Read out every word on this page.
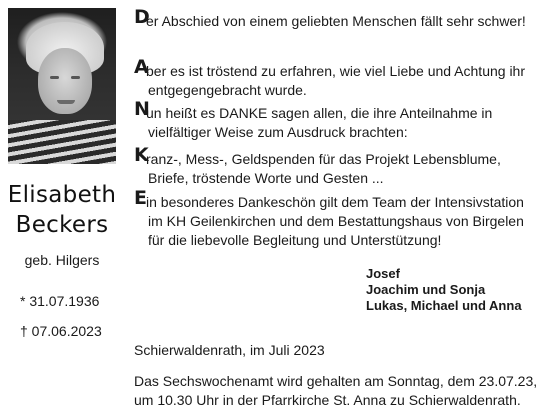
Elisabeth
Beckers
geb. Hilgers
* 31.07.1936
† 07.06.2023
D
er Abschied von einem geliebten Menschen fällt sehr schwer!
A
ber es ist tröstend zu erfahren, wie viel Liebe und Achtung ihr
entgegengebracht wurde.
N
un heißt es DANKE sagen allen, die ihre Anteilnahme in
vielfältiger Weise zum Ausdruck brachten:
K
ranz-, Mess-, Geldspenden für das Projekt Lebensblume,
Briefe, tröstende Worte und Gesten ...
E in besonderes Dankeschön gilt dem Team der Intensivstation
im KH Geilenkirchen und dem Bestattungshaus von Birgelen
für die liebevolle Begleitung und Unterstützung!
Josef
Joachim und Sonja
Lukas, Michael und Anna
Schierwaldenrath, im Juli 2023
Das Sechswochenamt wird gehalten am Sonntag, dem 23.07.23,
um 10.30 Uhr in der Pfarrkirche St. Anna zu Schierwaldenrath.
